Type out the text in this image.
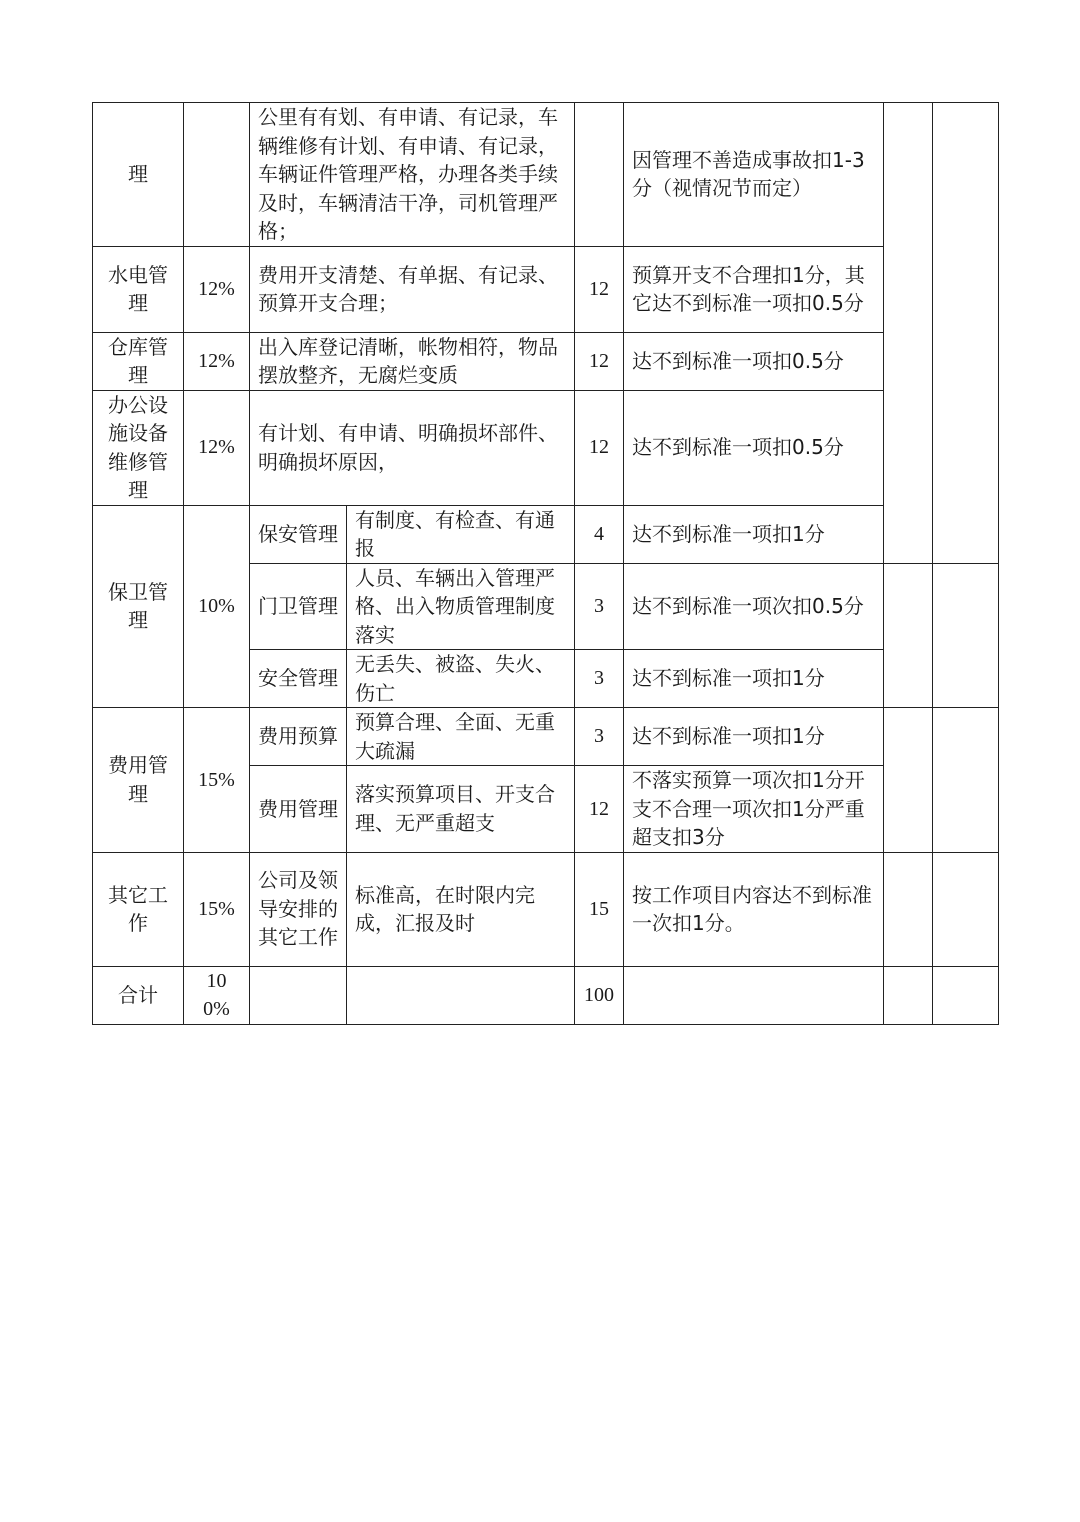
理		公里有有划、有申请、有记录，车辆维修有计划、有申请、有记录，车辆证件管理严格，办理各类手续及时，车辆清洁干净，司机管理严格；			因管理不善造成事故扣1-3分（视情况节而定）		
水电管理	12%	费用开支清楚、有单据、有记录、预算开支合理；		12	预算开支不合理扣1分，其它达不到标准一项扣0.5分		
仓库管理	12%	出入库登记清晰，帐物相符，物品摆放整齐，无腐烂变质		12	达不到标准一项扣0.5分		
办公设施设备维修管理	12%	有计划、有申请、明确损坏部件、明确损坏原因，		12	达不到标准一项扣0.5分		
保卫管理	10%	保安管理	有制度、有检查、有通报	4	达不到标准一项扣1分		
		门卫管理	人员、车辆出入管理严格、出入物质管理制度落实	3	达不到标准一项次扣0.5分		
		安全管理	无丢失、被盗、失火、伤亡	3	达不到标准一项扣1分		
费用管理	15%	费用预算	预算合理、全面、无重大疏漏	3	达不到标准一项扣1分		
		费用管理	落实预算项目、开支合理、无严重超支	12	不落实预算一项次扣1分开支不合理一项次扣1分严重超支扣3分		
其它工作	15%	公司及领导安排的其它工作	标准高，在时限内完成，汇报及时	15	按工作项目内容达不到标准一次扣1分。		
合计	100%			100			
